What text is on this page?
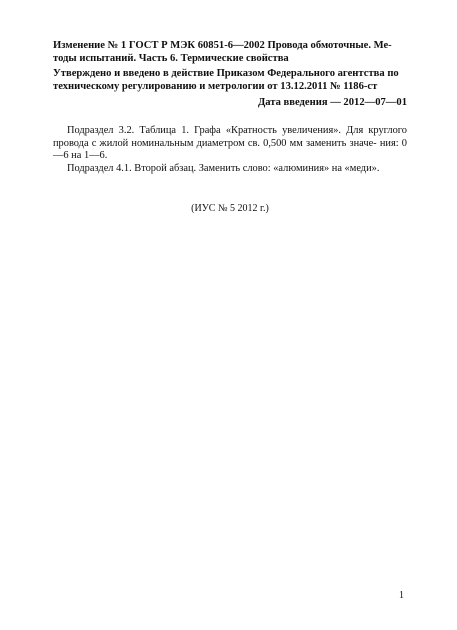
Изменение № 1 ГОСТ Р МЭК 60851-6—2002 Провода обмоточные. Ме-
тоды испытаний. Часть 6. Термические свойства
Утверждено и введено в действие Приказом Федерального агентства по
техническому регулированию и метрологии от 13.12.2011 № 1186-ст
Дата введения — 2012—07—01
Подраздел 3.2. Таблица 1. Графа «Кратность увеличения». Для круглого провода с жилой номинальным диаметром св. 0,500 мм заменить значе- ния: 0—6 на 1—6.
Подраздел 4.1. Второй абзац. Заменить слово: «алюминия» на «меди».
(ИУС № 5 2012 г.)
1
